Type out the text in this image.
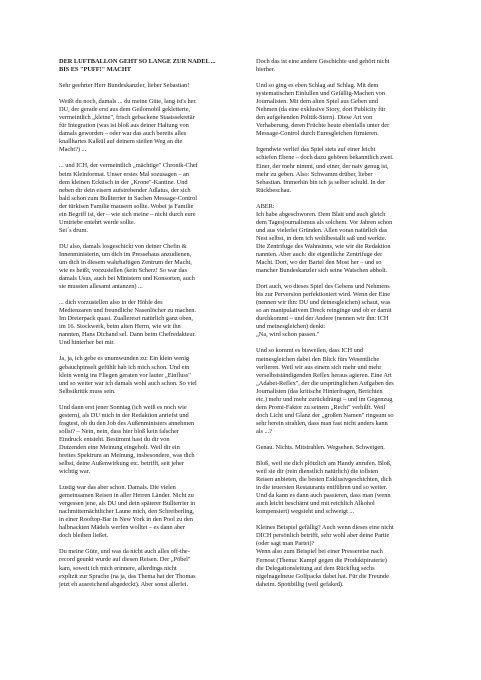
DER LUFTBALLON GEHT SO LANGE ZUR NADEL ...
BIS ES "PUFF!" MACHT

Sehr geehrter Herr Bundeskanzler, lieber Sebastian!

Weißt du noch, damals ... du meine Güte, lang ist's her.
DU, der gerade erst aus dem Geilomobil gekletterte,
vermeintlich „kleine", frisch gebackene Staatssekretär
für Integration (was ist bloß aus deiner Haltung von
damals geworden – oder war das auch bereits alles
knallhartes Kalkül auf deinem steilen Weg an die
Macht?) ...

... und ICH, der vermeintlich „mächtige" Chronik-Chef
beim Kleinformat. Unser erstes Mal sozusagen – an
dem kleinen Ecktisch in der „Krone"-Kantine. Und
neben dir dein eisern aufstrebender Adlatus, der sich
bald schon zum Bullterrier in Sachen Message-Control
der türkisen Familie mausern sollte. Wobei ja Familie
ein Begriff ist, der – wie sich meine – nicht durch eure
Umtriebe entehrt werde sollte.
Sei´s drum.

DU also, damals losgeschickt von deiner Chefin &
Innenministerin, um dich im Pressehaus anzudienen,
um dich in diesem wahrhaftigen Zentrum der Macht,
wie es heißt, vorzustellen (kein Scherz! So war das
damals Usus, auch bei Ministern und Konsorten, auch
sie mussten allesamt antanzen) ...

... dich vorzustellen also in der Höhle des
Medienzaren und freundliche Nasenlöcher zu machen.
Im Dreierpack quasi. Zualleresrt natürlich ganz oben,
im 16. Stockwerk, beim alten Herrn, wie wir ihn
nannten, Hans Dichand sel. Dann beim Chefredakteur.
Und hinterher bei mir.

Ja, ja, ich gebe es unumwunden zu: Ein klein wenig
gebauchpinselt gefühlt hab ich mich schon. Und ein
klein wenig ins Fliegen geraten vor lauter „Einfluss"
und so weiter war ich damals wohl auch schon. So viel
Selbstkritik muss sein.

Und dann erst jener Sonntag (ich weiß es noch wie
gestern), als DU mich in der Redaktion anriefst und
fragtest, ob du den Job des Außenministers annehmen
sollst? – Nein, nein, dass hier bloß kein falscher
Eindruck entsteht. Bestimmt hast du dir von
Dutzenden eine Meinung eingeholt. Weil dir ein
breites Spektrum an Meinung, insbesondere, was dich
selbst, deine Außenwirkung etc. betrifft, seit jeher
wichtig war.

Lustig war das aber schon. Damals. Die vielen
gemeinsamen Reisen in aller Herren Länder. Nicht zu
vergessen jene, als DU und dein späterer Bullterrier in
nachmitternächtlicher Laune mich, den Schreiberling,
in einer Rooftop-Bar in New York in den Pool zu den
halbnackten Mädels werfen wolltet – es dann aber
doch bleiben ließet.

Du meine Güte, und was da nicht auch alles off-the-
record geunkt wurde auf diesen Reisen. Der „Pöbel"
kam, soweit ich mich erinnere, allerdings nicht
explizit zur Sprache (na ja, das Thema hat der Thomas
jetzt eh ausreichend abgedeckt). Aber sonst allerlei.

Doch das ist eine andere Geschichte und gehört nicht
hierher.

Und so ging es eben Schlag auf Schlag. Mit dem
systematischen Einlullen und Gefällig-Machen von
Journalisten. Mit dem alten Spiel aus Geben und
Nehmen (da eine exklusive Story, dort Publicity für
den aufgehenden Politik-Stern). Diese Art von
Verhaberung, deren Früchte heute ebenfalls unter der
Message-Control durch Euresgleichen firmieren.

Irgendwie verlief das Spiel stets auf einer leicht
schiefen Ebene – doch dazu gehören bekanntlich zwei.
Einer, der mehr nimmt, und einer, der naiv genug ist,
mehr zu geben. Also: Schwamm drüber, lieber
Sebastian. Immerhin bin ich ja selber schuld. In der
Rückbeschau.

ABER:
Ich habe abgeschworen. Dem Blatt und auch gleich
dem Tagesjournalismus als solchem. Vor Jahren schon
und aus vielerlei Gründen. Allen voran natürlich das
Nest selbst, in dem ich wohlbestallt saß und werkte.
Die Zentrifuge des Wahnsinns, wie wir die Redaktion
nannten. Aber auch: die eigentliche Zentrifuge der
Macht. Dort, wo der Bartel den Most her – und so
mancher Bundeskanzler sich seine Watschen abholt.

Dort auch, wo dieses Spiel des Gebens und Nehmens
bis zur Perversion perfektioniert wird. Wenn der Eine
(nennen wir ihn: DU und deinesgleichen) schaut, was
so an manipulativem Dreck reinginge und ob er damit
durchkommt – und der Andere (nennen wir ihn: ICH
und meinesgleichen) denkt:
„Na, wird schon passen."

Und so kommt es bisweilen, dass ICH und
meinesgleichen dabei den Blick fürs Wesentliche
verlieren. Weil wir aus einem sich mehr und mehr
verselbstständigenden Reflex heraus agieren. Eine Art
„Adabei-Reflex", der die ursprünglichen Aufgaben des
Journalisten (das kritische Hinterfragen, Berichten
etc.) mehr und mehr zurückdrängt – und im Gegenzug
dem Promi-Faktor zu seinem „Recht" verhilft. Weil
doch Licht und Glanz der „großen Namen" ringsum so
sehr herein strahlen, dass man fast nicht anders kann
als ...?

Genau. Nichts. Mitstrahlen. Wegsehen. Schweigen.

Bloß, weil sie dich plötzlich am Handy anrufen. Bloß,
weil sie dir (rein dienstlich natürlich) die tollsten
Reisen anbieten, die besten Exklusivgeschichten, dich
in die teuersten Restaurants entführen und so weiter.
Und da kann es dann auch passieren, dass man (wenn
auch leicht beschämt und mit reichlich Alkohol
kompensiert) wegsieht und schweigt ...

Kleines Beispiel gefällig? Auch wenn dieses eine nicht
DICH persönlich betrifft, sehr wohl aber deine Partie
(oder sagt man Partei)?
Wenn also zum Beispiel bei einer Pressereise nach
Fernost (Thema: Kampf gegen die Produktpiraterie)
die Delegationsleitung auf dem Rückflug sechs
nigelnagelneue Golfpacks dabei hat. Für die Freunde
daheim. Spottbillig (weil gefaked).
